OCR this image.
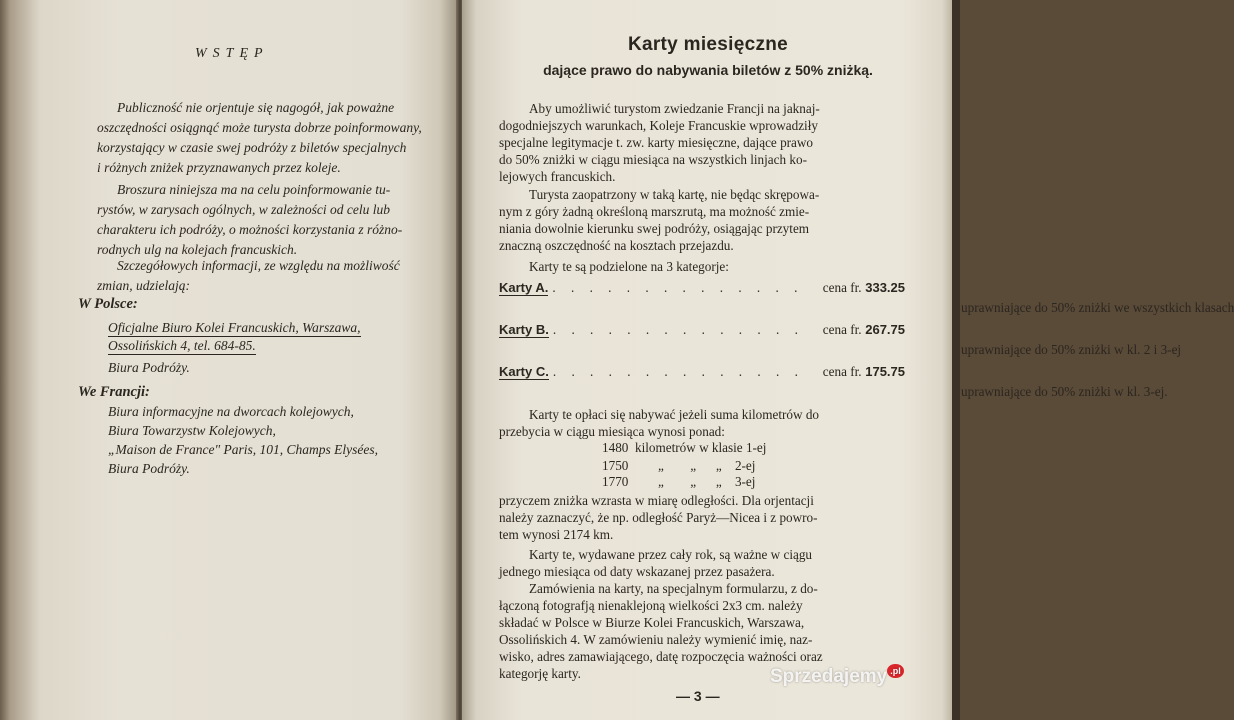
WSTĘP
Publiczność nie orjentuje się nagogół, jak poważne
oszczędności osiągnąć może turysta dobrze poinformowany,
korzystający w czasie swej podróży z biletów specjalnych
i różnych zniżek przyznawanych przez koleje.
Broszura niniejsza ma na celu poinformowanie tu-
rystów, w zarysach ogólnych, w zależności od celu lub
charakteru ich podróży, o możności korzystania z różno-
rodnych ulg na kolejach francuskich.
Szczegółowych informacji, ze względu na możliwość
zmian, udzielają:
W Polsce:
Oficjalne Biuro Kolei Francuskich, Warszawa,
Ossolińskich 4, tel. 684-85.
Biura Podróży.
We Francji:
Biura informacyjne na dworcach kolejowych,
Biura Towarzystw Kolejowych,
„Maison de France" Paris, 101, Champs Elysées,
Biura Podróży.
Karty miesięczne
dające prawo do nabywania biletów z 50% zniżką.
Aby umożliwić turystom zwiedzanie Francji na jaknaj-
dogodniejszych warunkach, Koleje Francuskie wprowadziły
specjalne legitymacje t. zw. karty miesięczne, dające prawo
do 50% zniżki w ciągu miesiąca na wszystkich linjach ko-
lejowych francuskich.
Turysta zaopatrzony w taką kartę, nie będąc skrępowa-
nym z góry żadną określoną marszrutą, ma możność zmie-
niania dowolnie kierunku swej podróży, osiągając przytem
znaczną oszczędność na kosztach przejazdu.
Karty te są podzielone na 3 kategorje:
Karty A. . . . . . . . . . . . . . . cena fr. 333.25
uprawniające do 50% zniżki we wszystkich klasach
Karty B. . . . . . . . . . . . . . . cena fr. 267.75
uprawniające do 50% zniżki w kl. 2 i 3-ej
Karty C. . . . . . . . . . . . . . . cena fr. 175.75
uprawniające do 50% zniżki w kl. 3-ej.
Karty te opłaci się nabywać jeżeli suma kilometrów do
przebycia w ciągu miesiąca wynosi ponad:
1480 kilometrów w klasie 1-ej
1750 „        „      „    2-ej
1770 „        „      „    3-ej
przyczem zniżka wzrasta w miarę odległości. Dla orjentacji
należy zaznaczyć, że np. odległość Paryż—Nicea i z powro-
tem wynosi 2174 km.
Karty te, wydawane przez cały rok, są ważne w ciągu
jednego miesiąca od daty wskazanej przez pasażera.
Zamówienia na karty, na specjalnym formularzu, z do-
łączoną fotografją nienaklejoną wielkości 2x3 cm. należy
składać w Polsce w Biurze Kolei Francuskich, Warszawa,
Ossolińskich 4. W zamówieniu należy wymienić imię, naz-
wisko, adres zamawiającego, datę rozpoczęcia ważności oraz
kategorję karty.
— 3 —
Sprzedajemy $^{.pl}$
